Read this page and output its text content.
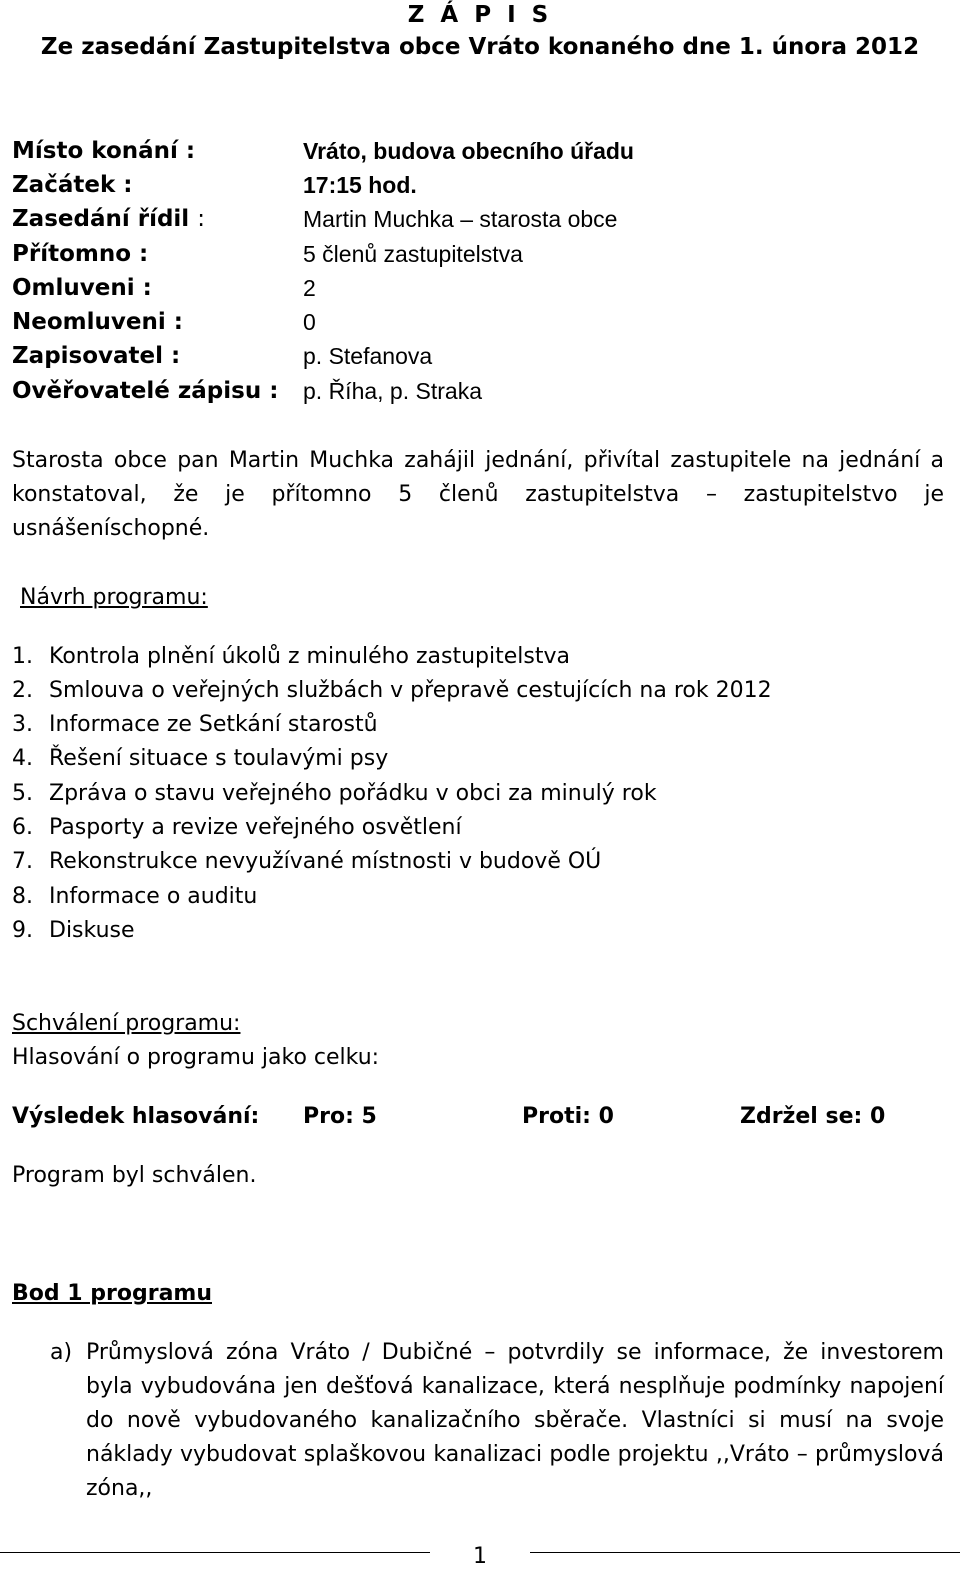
Z Á P I S
Ze zasedání Zastupitelstva obce Vráto konaného dne 1. února 2012
Místo konání :	Vráto, budova obecního úřadu
Začátek :	17:15 hod.
Zasedání řídil :	Martin Muchka – starosta obce
Přítomno :	5 členů zastupitelstva
Omluveni :	2
Neomluveni :	0
Zapisovatel :	p. Stefanova
Ověřovatelé zápisu : p. Říha, p. Straka
Starosta obce pan Martin Muchka zahájil jednání, přivítal zastupitele na jednání a konstatoval, že je přítomno 5 členů zastupitelstva – zastupitelstvo je usnášeníschopné.
Návrh programu:
1. Kontrola plnění úkolů z minulého zastupitelstva
2. Smlouva o veřejných službách v přepravě cestujících na rok 2012
3. Informace ze Setkání starostů
4. Řešení situace s toulavými psy
5. Zpráva o stavu veřejného pořádku v obci za minulý rok
6. Pasporty a revize veřejného osvětlení
7. Rekonstrukce nevyužívané místnosti v budově OÚ
8. Informace o auditu
9. Diskuse
Schválení programu:
Hlasování o programu jako celku:
Výsledek hlasování: Pro: 5	Proti: 0	Zdržel se: 0
Program byl schválen.
Bod 1 programu
a) Průmyslová zóna Vráto / Dubičné – potvrdily se informace, že investorem byla vybudována jen dešťová kanalizace, která nesplňuje podmínky napojení do nově vybudovaného kanalizačního sběrače. Vlastníci si musí na svoje náklady vybudovat splaškovou kanalizaci podle projektu ,,Vráto – průmyslová zóna,,
1
